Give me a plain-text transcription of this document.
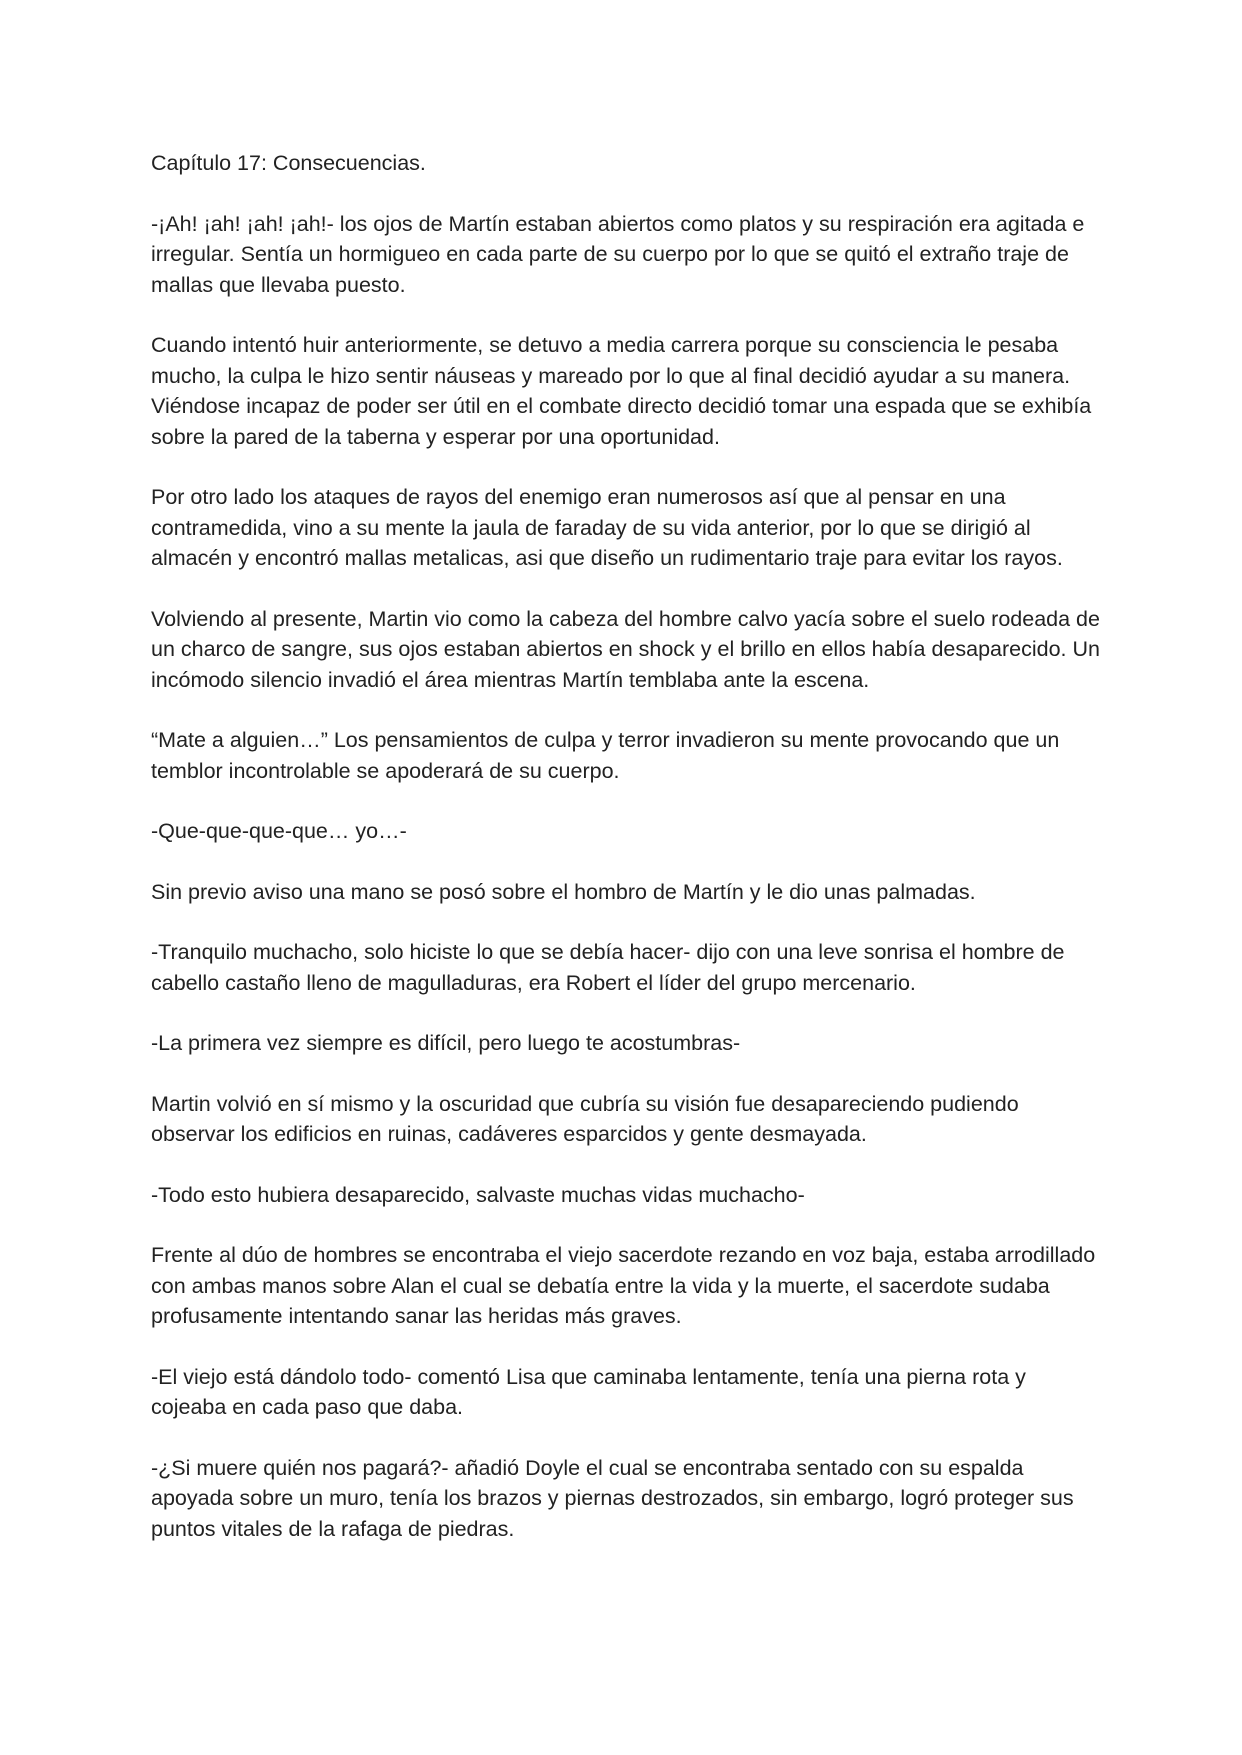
Capítulo 17: Consecuencias.

-¡Ah! ¡ah! ¡ah! ¡ah!- los ojos de Martín estaban abiertos como platos y su respiración era agitada e irregular. Sentía un hormigueo en cada parte de su cuerpo por lo que se quitó el extraño traje de mallas que llevaba puesto.

Cuando intentó huir anteriormente, se detuvo a media carrera porque su consciencia le pesaba mucho, la culpa le hizo sentir náuseas y mareado por lo que al final decidió ayudar a su manera. Viéndose incapaz de poder ser útil en el combate directo decidió tomar una espada que se exhibía sobre la pared de la taberna y esperar por una oportunidad.

Por otro lado los ataques de rayos del enemigo eran numerosos así que al pensar en una contramedida, vino a su mente la jaula de faraday de su vida anterior, por lo que se dirigió al almacén y encontró mallas metalicas, asi que diseño un rudimentario traje para evitar los rayos.

Volviendo al presente, Martin vio como la cabeza del hombre calvo yacía sobre el suelo rodeada de un charco de sangre, sus ojos estaban abiertos en shock y el brillo en ellos había desaparecido. Un incómodo silencio invadió el área mientras Martín temblaba ante la escena.

“Mate a alguien…” Los pensamientos de culpa y terror invadieron su mente provocando que un temblor incontrolable se apoderará de su cuerpo.

-Que-que-que-que… yo…-

Sin previo aviso una mano se posó sobre el hombro de Martín y le dio unas palmadas.

-Tranquilo muchacho, solo hiciste lo que se debía hacer- dijo con una leve sonrisa el hombre de cabello castaño lleno de magulladuras, era Robert el líder del grupo mercenario.

-La primera vez siempre es difícil, pero luego te acostumbras-

Martin volvió en sí mismo y la oscuridad que cubría su visión fue desapareciendo pudiendo observar los edificios en ruinas, cadáveres esparcidos y gente desmayada.

-Todo esto hubiera desaparecido, salvaste muchas vidas muchacho-

Frente al dúo de hombres se encontraba el viejo sacerdote rezando en voz baja, estaba arrodillado con ambas manos sobre Alan el cual se debatía entre la vida y la muerte, el sacerdote sudaba profusamente intentando sanar las heridas más graves.

-El viejo está dándolo todo- comentó Lisa que caminaba lentamente, tenía una pierna rota y cojeaba en cada paso que daba.

-¿Si muere quién nos pagará?- añadió Doyle el cual se encontraba sentado con su espalda apoyada sobre un muro, tenía los brazos y piernas destrozados, sin embargo, logró proteger sus puntos vitales de la rafaga de piedras.
